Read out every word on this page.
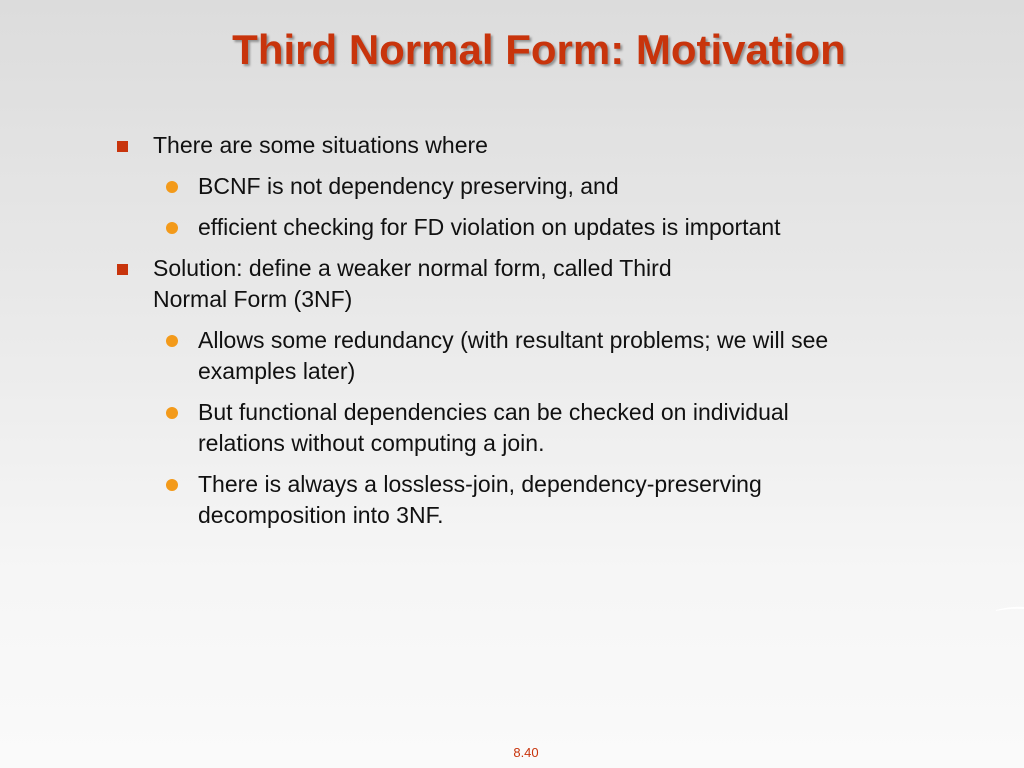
Third Normal Form: Motivation
There are some situations where
BCNF is not dependency preserving, and
efficient checking for FD violation on updates is important
Solution: define a weaker normal form, called Third Normal Form (3NF)
Allows some redundancy (with resultant problems; we will see examples later)
But functional dependencies can be checked on individual relations without computing a join.
There is always a lossless-join, dependency-preserving decomposition into 3NF.
8.40
